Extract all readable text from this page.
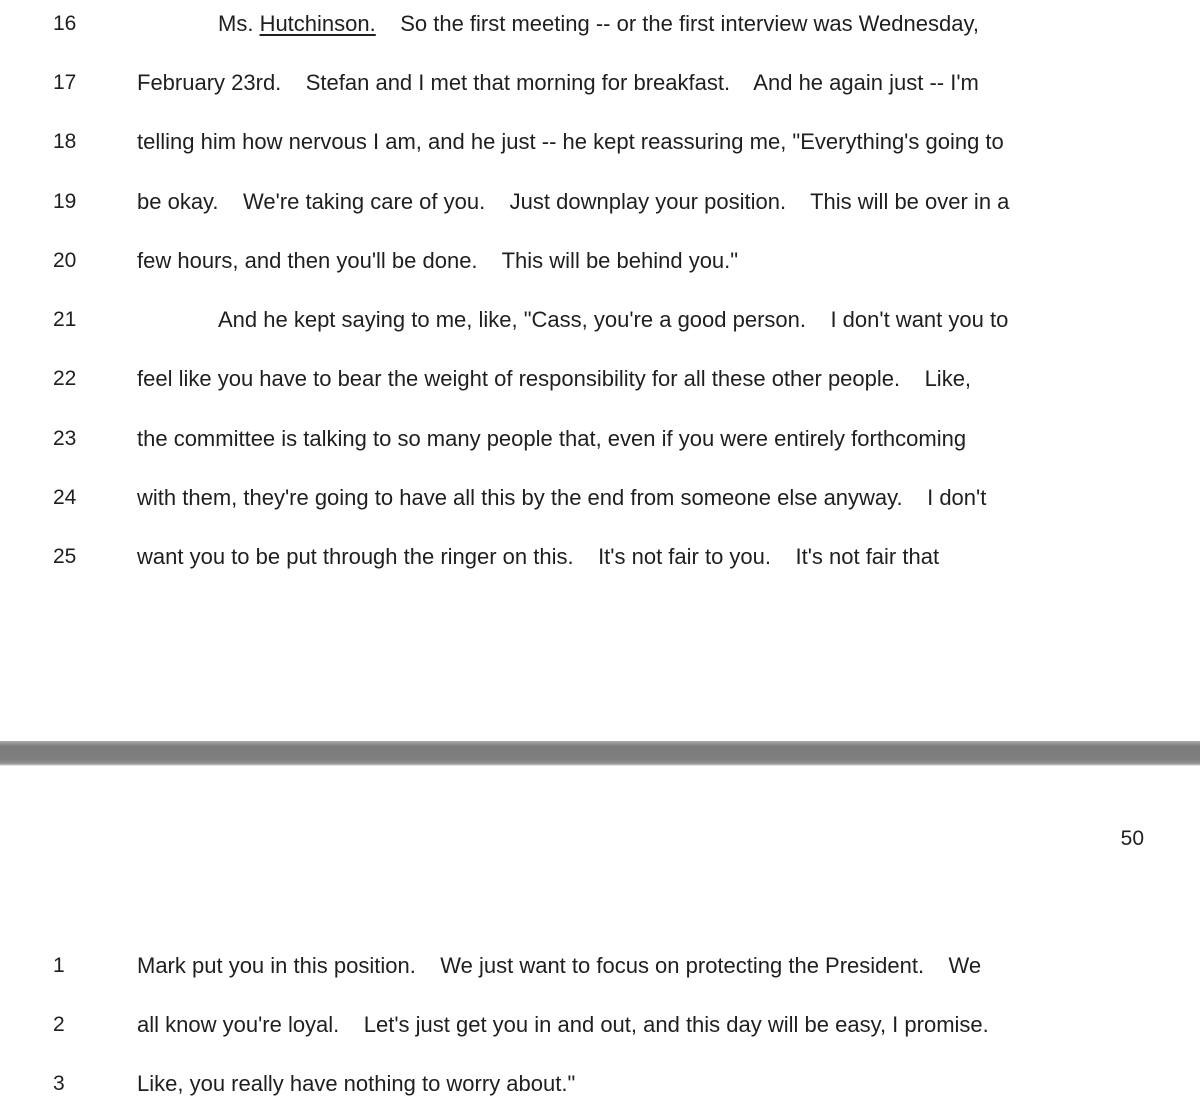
16	Ms. Hutchinson.    So the first meeting -- or the first interview was Wednesday,
17	February 23rd.    Stefan and I met that morning for breakfast.    And he again just -- I'm
18	telling him how nervous I am, and he just -- he kept reassuring me, "Everything's going to
19	be okay.    We're taking care of you.    Just downplay your position.    This will be over in a
20	few hours, and then you'll be done.    This will be behind you."
21	And he kept saying to me, like, "Cass, you're a good person.    I don't want you to
22	feel like you have to bear the weight of responsibility for all these other people.    Like,
23	the committee is talking to so many people that, even if you were entirely forthcoming
24	with them, they're going to have all this by the end from someone else anyway.    I don't
25	want you to be put through the ringer on this.    It's not fair to you.    It's not fair that
50
1	Mark put you in this position.    We just want to focus on protecting the President.    We
2	all know you're loyal.    Let's just get you in and out, and this day will be easy, I promise.
3	Like, you really have nothing to worry about."
